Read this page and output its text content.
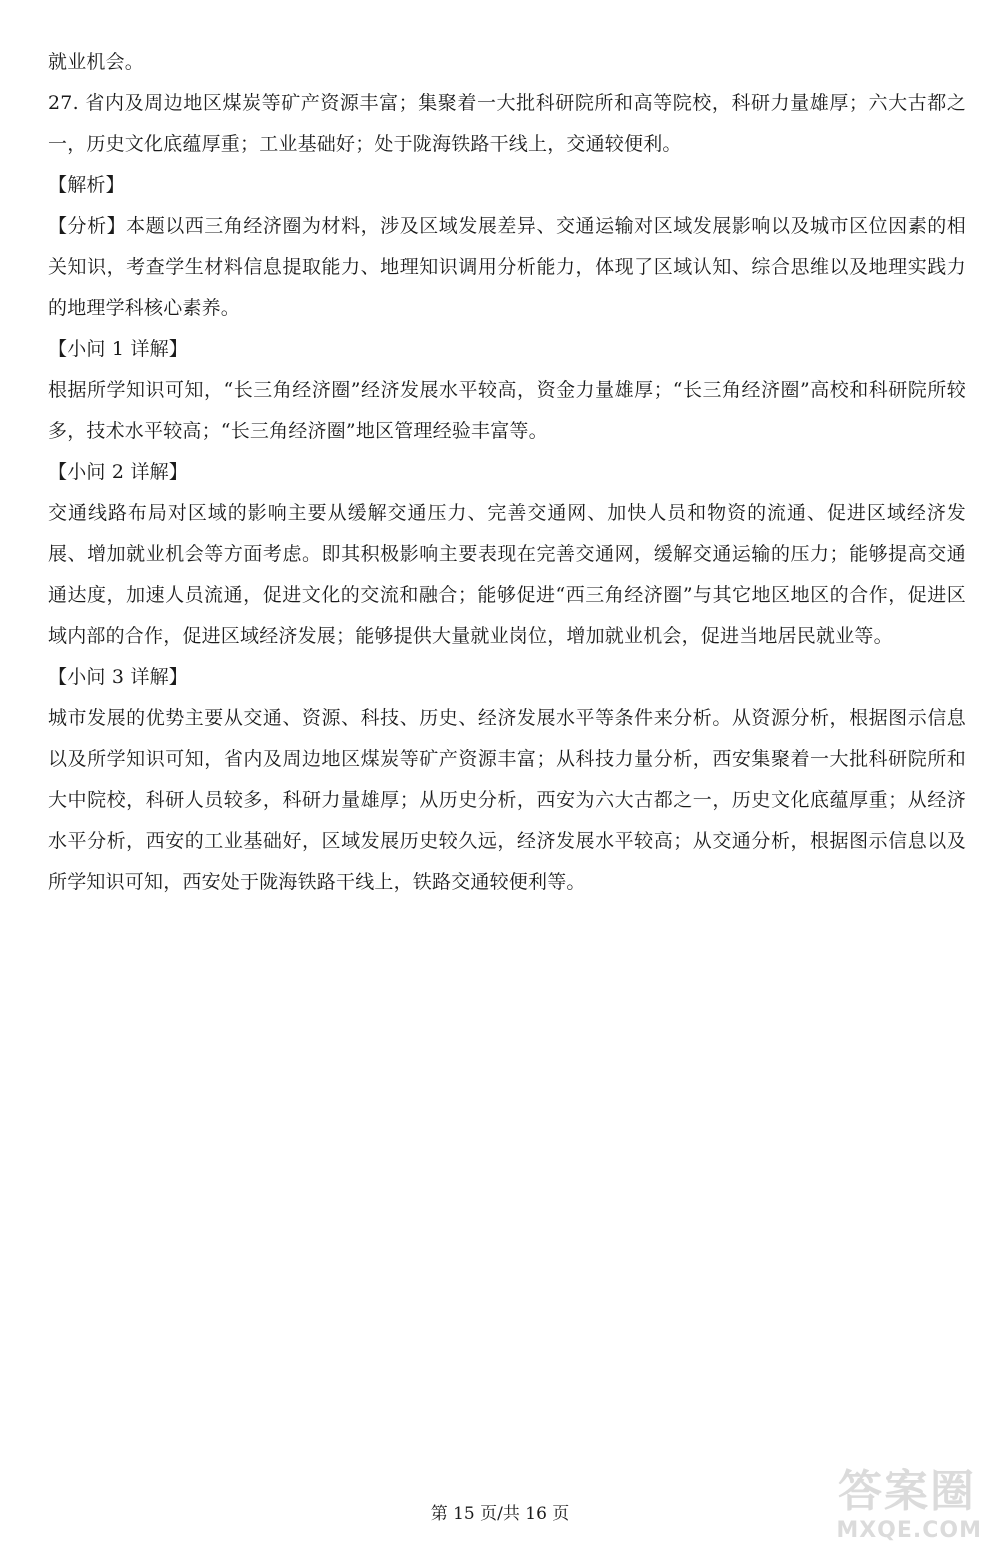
就业机会。

27. 省内及周边地区煤炭等矿产资源丰富；集聚着一大批科研院所和高等院校，科研力量雄厚；六大古都之一，历史文化底蕴厚重；工业基础好；处于陇海铁路干线上，交通较便利。

【解析】

【分析】本题以西三角经济圈为材料，涉及区域发展差异、交通运输对区域发展影响以及城市区位因素的相关知识，考查学生材料信息提取能力、地理知识调用分析能力，体现了区域认知、综合思维以及地理实践力的地理学科核心素养。

【小问 1 详解】

根据所学知识可知，“长三角经济圈”经济发展水平较高，资金力量雄厚；“长三角经济圈”高校和科研院所较多，技术水平较高；“长三角经济圈”地区管理经验丰富等。

【小问 2 详解】

交通线路布局对区域的影响主要从缓解交通压力、完善交通网、加快人员和物资的流通、促进区域经济发展、增加就业机会等方面考虑。即其积极影响主要表现在完善交通网，缓解交通运输的压力；能够提高交通通达度，加速人员流通，促进文化的交流和融合；能够促进“西三角经济圈”与其它地区地区的合作，促进区域内部的合作，促进区域经济发展；能够提供大量就业岗位，增加就业机会，促进当地居民就业等。

【小问 3 详解】

城市发展的优势主要从交通、资源、科技、历史、经济发展水平等条件来分析。从资源分析，根据图示信息以及所学知识可知，省内及周边地区煤炭等矿产资源丰富；从科技力量分析，西安集聚着一大批科研院所和大中院校，科研人员较多，科研力量雄厚；从历史分析，西安为六大古都之一，历史文化底蕴厚重；从经济水平分析，西安的工业基础好，区域发展历史较久远，经济发展水平较高；从交通分析，根据图示信息以及所学知识可知，西安处于陇海铁路干线上，铁路交通较便利等。

第 15 页/共 16 页	答案圈
MXQE.COM
